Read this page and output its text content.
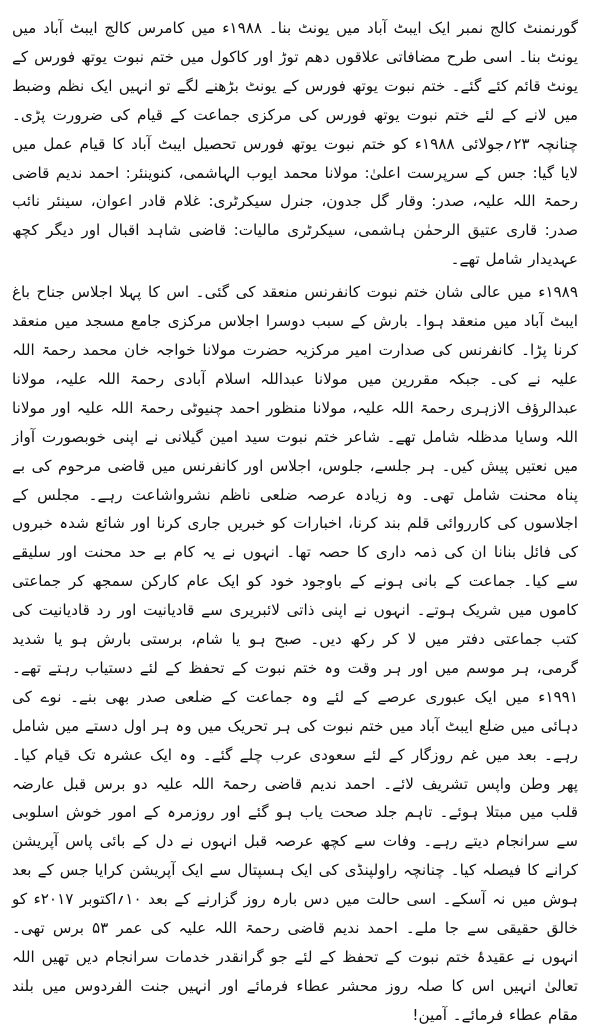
گورنمنٹ کالج نمبر ایک ایبٹ آباد میں یونٹ بنا۔ ۱۹۸۸ء میں کامرس کالج ایبٹ آباد میں یونٹ بنا۔ اسی طرح مضافاتی علاقوں دھم توڑ اور کاکول میں ختم نبوت یوتھ فورس کے یونٹ قائم کئے گئے۔ ختم نبوت یوتھ فورس کے یونٹ بڑھنے لگے تو انہیں ایک نظم وضبط میں لانے کے لئے ختم نبوت یوتھ فورس کی مرکزی جماعت کے قیام کی ضرورت پڑی۔ چنانچہ ۲۳؍جولائی ۱۹۸۸ء کو ختم نبوت یوتھ فورس تحصیل ایبٹ آباد کا قیام عمل میں لایا گیا: جس کے سرپرست اعلیٰ: مولانا محمد ایوب الہاشمی، کنوینئر: احمد ندیم قاضی رحمۃ اللہ علیہ، صدر: وقار گل جدون، جنرل سیکرٹری: غلام قادر اعوان، سینئر نائب صدر: قاری عتیق الرحمٰن ہاشمی، سیکرٹری مالیات: قاضی شاہد اقبال اور دیگر کچھ عہدیدار شامل تھے۔

۱۹۸۹ء میں عالی شان ختم نبوت کانفرنس منعقد کی گئی۔ اس کا پہلا اجلاس جناح باغ ایبٹ آباد میں منعقد ہوا۔ بارش کے سبب دوسرا اجلاس مرکزی جامع مسجد میں منعقد کرنا پڑا۔ کانفرنس کی صدارت امیر مرکزیہ حضرت مولانا خواجہ خان محمد رحمۃ اللہ علیہ نے کی۔ جبکہ مقررین میں مولانا عبداللہ اسلام آبادی رحمۃ اللہ علیہ، مولانا عبدالرؤف الازہری رحمۃ اللہ علیہ، مولانا منظور احمد چنیوٹی رحمۃ اللہ علیہ اور مولانا اللہ وسایا مدظلہ شامل تھے۔ شاعر ختم نبوت سید امین گیلانی نے اپنی خوبصورت آواز میں نعتیں پیش کیں۔ ہر جلسے، جلوس، اجلاس اور کانفرنس میں قاضی مرحوم کی بے پناہ محنت شامل تھی۔ وہ زیادہ عرصہ ضلعی ناظم نشرواشاعت رہے۔ مجلس کے اجلاسوں کی کارروائی قلم بند کرنا، اخبارات کو خبریں جاری کرنا اور شائع شدہ خبروں کی فائل بنانا ان کی ذمہ داری کا حصہ تھا۔ انہوں نے یہ کام بے حد محنت اور سلیقے سے کیا۔ جماعت کے بانی ہونے کے باوجود خود کو ایک عام کارکن سمجھ کر جماعتی کاموں میں شریک ہوتے۔ انہوں نے اپنی ذاتی لائبریری سے قادیانیت اور رد قادیانیت کی کتب جماعتی دفتر میں لا کر رکھ دیں۔ صبح ہو یا شام، برستی بارش ہو یا شدید گرمی، ہر موسم میں اور ہر وقت وہ ختم نبوت کے تحفظ کے لئے دستیاب رہتے تھے۔ ۱۹۹۱ء میں ایک عبوری عرصے کے لئے وہ جماعت کے ضلعی صدر بھی بنے۔ نوے کی دہائی میں ضلع ایبٹ آباد میں ختم نبوت کی ہر تحریک میں وہ ہر اول دستے میں شامل رہے۔ بعد میں غم روزگار کے لئے سعودی عرب چلے گئے۔ وہ ایک عشرہ تک قیام کیا۔ پھر وطن واپس تشریف لائے۔ احمد ندیم قاضی رحمۃ اللہ علیہ دو برس قبل عارضہ قلب میں مبتلا ہوئے۔ تاہم جلد صحت یاب ہو گئے اور روزمرہ کے امور خوش اسلوبی سے سرانجام دیتے رہے۔ وفات سے کچھ عرصہ قبل انہوں نے دل کے بائی پاس آپریشن کرانے کا فیصلہ کیا۔ چنانچہ راولپنڈی کی ایک ہسپتال سے ایک آپریشن کرایا جس کے بعد ہوش میں نہ آسکے۔ اسی حالت میں دس بارہ روز گزارنے کے بعد ۱۰؍اکتوبر ۲۰۱۷ء کو خالق حقیقی سے جا ملے۔ احمد ندیم قاضی رحمۃ اللہ علیہ کی عمر ۵۳ برس تھی۔ انہوں نے عقیدۂ ختم نبوت کے تحفظ کے لئے جو گرانقدر خدمات سرانجام دیں تھیں اللہ تعالیٰ انہیں اس کا صلہ روز محشر عطاء فرمائے اور انہیں جنت الفردوس میں بلند مقام عطاء فرمائے۔ آمین!
